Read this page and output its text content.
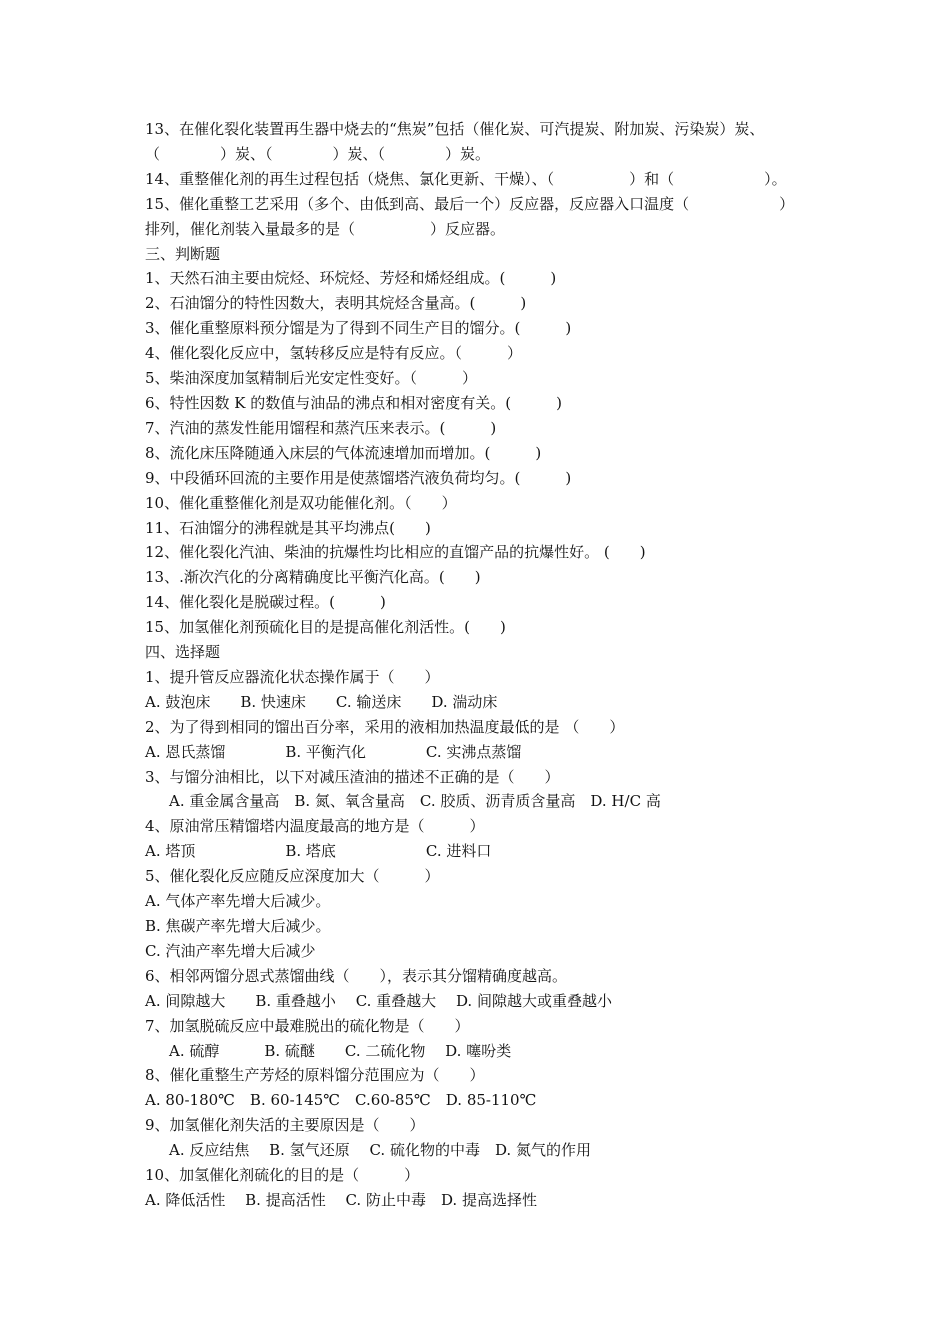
13、在催化裂化装置再生器中烧去的“焦炭”包括（催化炭、可汽提炭、附加炭、污染炭）炭、

（　　　　）炭、（　　　　）炭、（　　　　）炭。

14、重整催化剂的再生过程包括（烧焦、氯化更新、干燥）、（　　　　　）和（　　　　　　）。

15、催化重整工艺采用（多个、由低到高、最后一个）反应器，反应器入口温度（　　　　　　）

排列，催化剂装入量最多的是（　　　　　）反应器。

三、判断题

1、天然石油主要由烷烃、环烷烃、芳烃和烯烃组成。(　　　)

2、石油馏分的特性因数大，表明其烷烃含量高。(　　　)

3、催化重整原料预分馏是为了得到不同生产目的馏分。(　　　)

4、催化裂化反应中，氢转移反应是特有反应。（　　　）

5、柴油深度加氢精制后光安定性变好。（　　　）

6、特性因数 K 的数值与油品的沸点和相对密度有关。(　　　)

7、汽油的蒸发性能用馏程和蒸汽压来表示。(　　　)

8、流化床压降随通入床层的气体流速增加而增加。(　　　)

9、中段循环回流的主要作用是使蒸馏塔汽液负荷均匀。(　　　)

10、催化重整催化剂是双功能催化剂。（　　）

11、石油馏分的沸程就是其平均沸点(　　)

12、催化裂化汽油、柴油的抗爆性均比相应的直馏产品的抗爆性好。 (　　)

13、.渐次汽化的分离精确度比平衡汽化高。(　　)

14、催化裂化是脱碳过程。(　　　)

15、加氢催化剂预硫化目的是提高催化剂活性。(　　)

四、选择题

1、提升管反应器流化状态操作属于（　　）

A. 鼓泡床　　B. 快速床　　C. 输送床　　D. 湍动床

2、为了得到相同的馏出百分率，采用的液相加热温度最低的是 （　　）

A. 恩氏蒸馏　　　　B. 平衡汽化　　　　C. 实沸点蒸馏

3、与馏分油相比，以下对减压渣油的描述不正确的是（　　）

A. 重金属含量高　B. 氮、氧含量高　C. 胶质、沥青质含量高　D. H/C 高

4、原油常压精馏塔内温度最高的地方是（　　　）

A. 塔顶　　　　　　B. 塔底　　　　　　C. 进料口

5、催化裂化反应随反应深度加大（　　　）

A. 气体产率先增大后减少。

B. 焦碳产率先增大后减少。

C. 汽油产率先增大后减少

6、相邻两馏分恩式蒸馏曲线（　　），表示其分馏精确度越高。

A. 间隙越大　　B. 重叠越小　 C. 重叠越大　 D. 间隙越大或重叠越小

7、加氢脱硫反应中最难脱出的硫化物是（　　）

A. 硫醇　　　B. 硫醚　　C. 二硫化物　 D. 噻吩类

8、催化重整生产芳烃的原料馏分范围应为（　　）

A. 80-180℃　B. 60-145℃　C.60-85℃　D. 85-110℃

9、加氢催化剂失活的主要原因是（　　）

A. 反应结焦　 B. 氢气还原　 C. 硫化物的中毒　D. 氮气的作用

10、加氢催化剂硫化的目的是（　　　）

A. 降低活性　 B. 提高活性　 C. 防止中毒　D. 提高选择性
